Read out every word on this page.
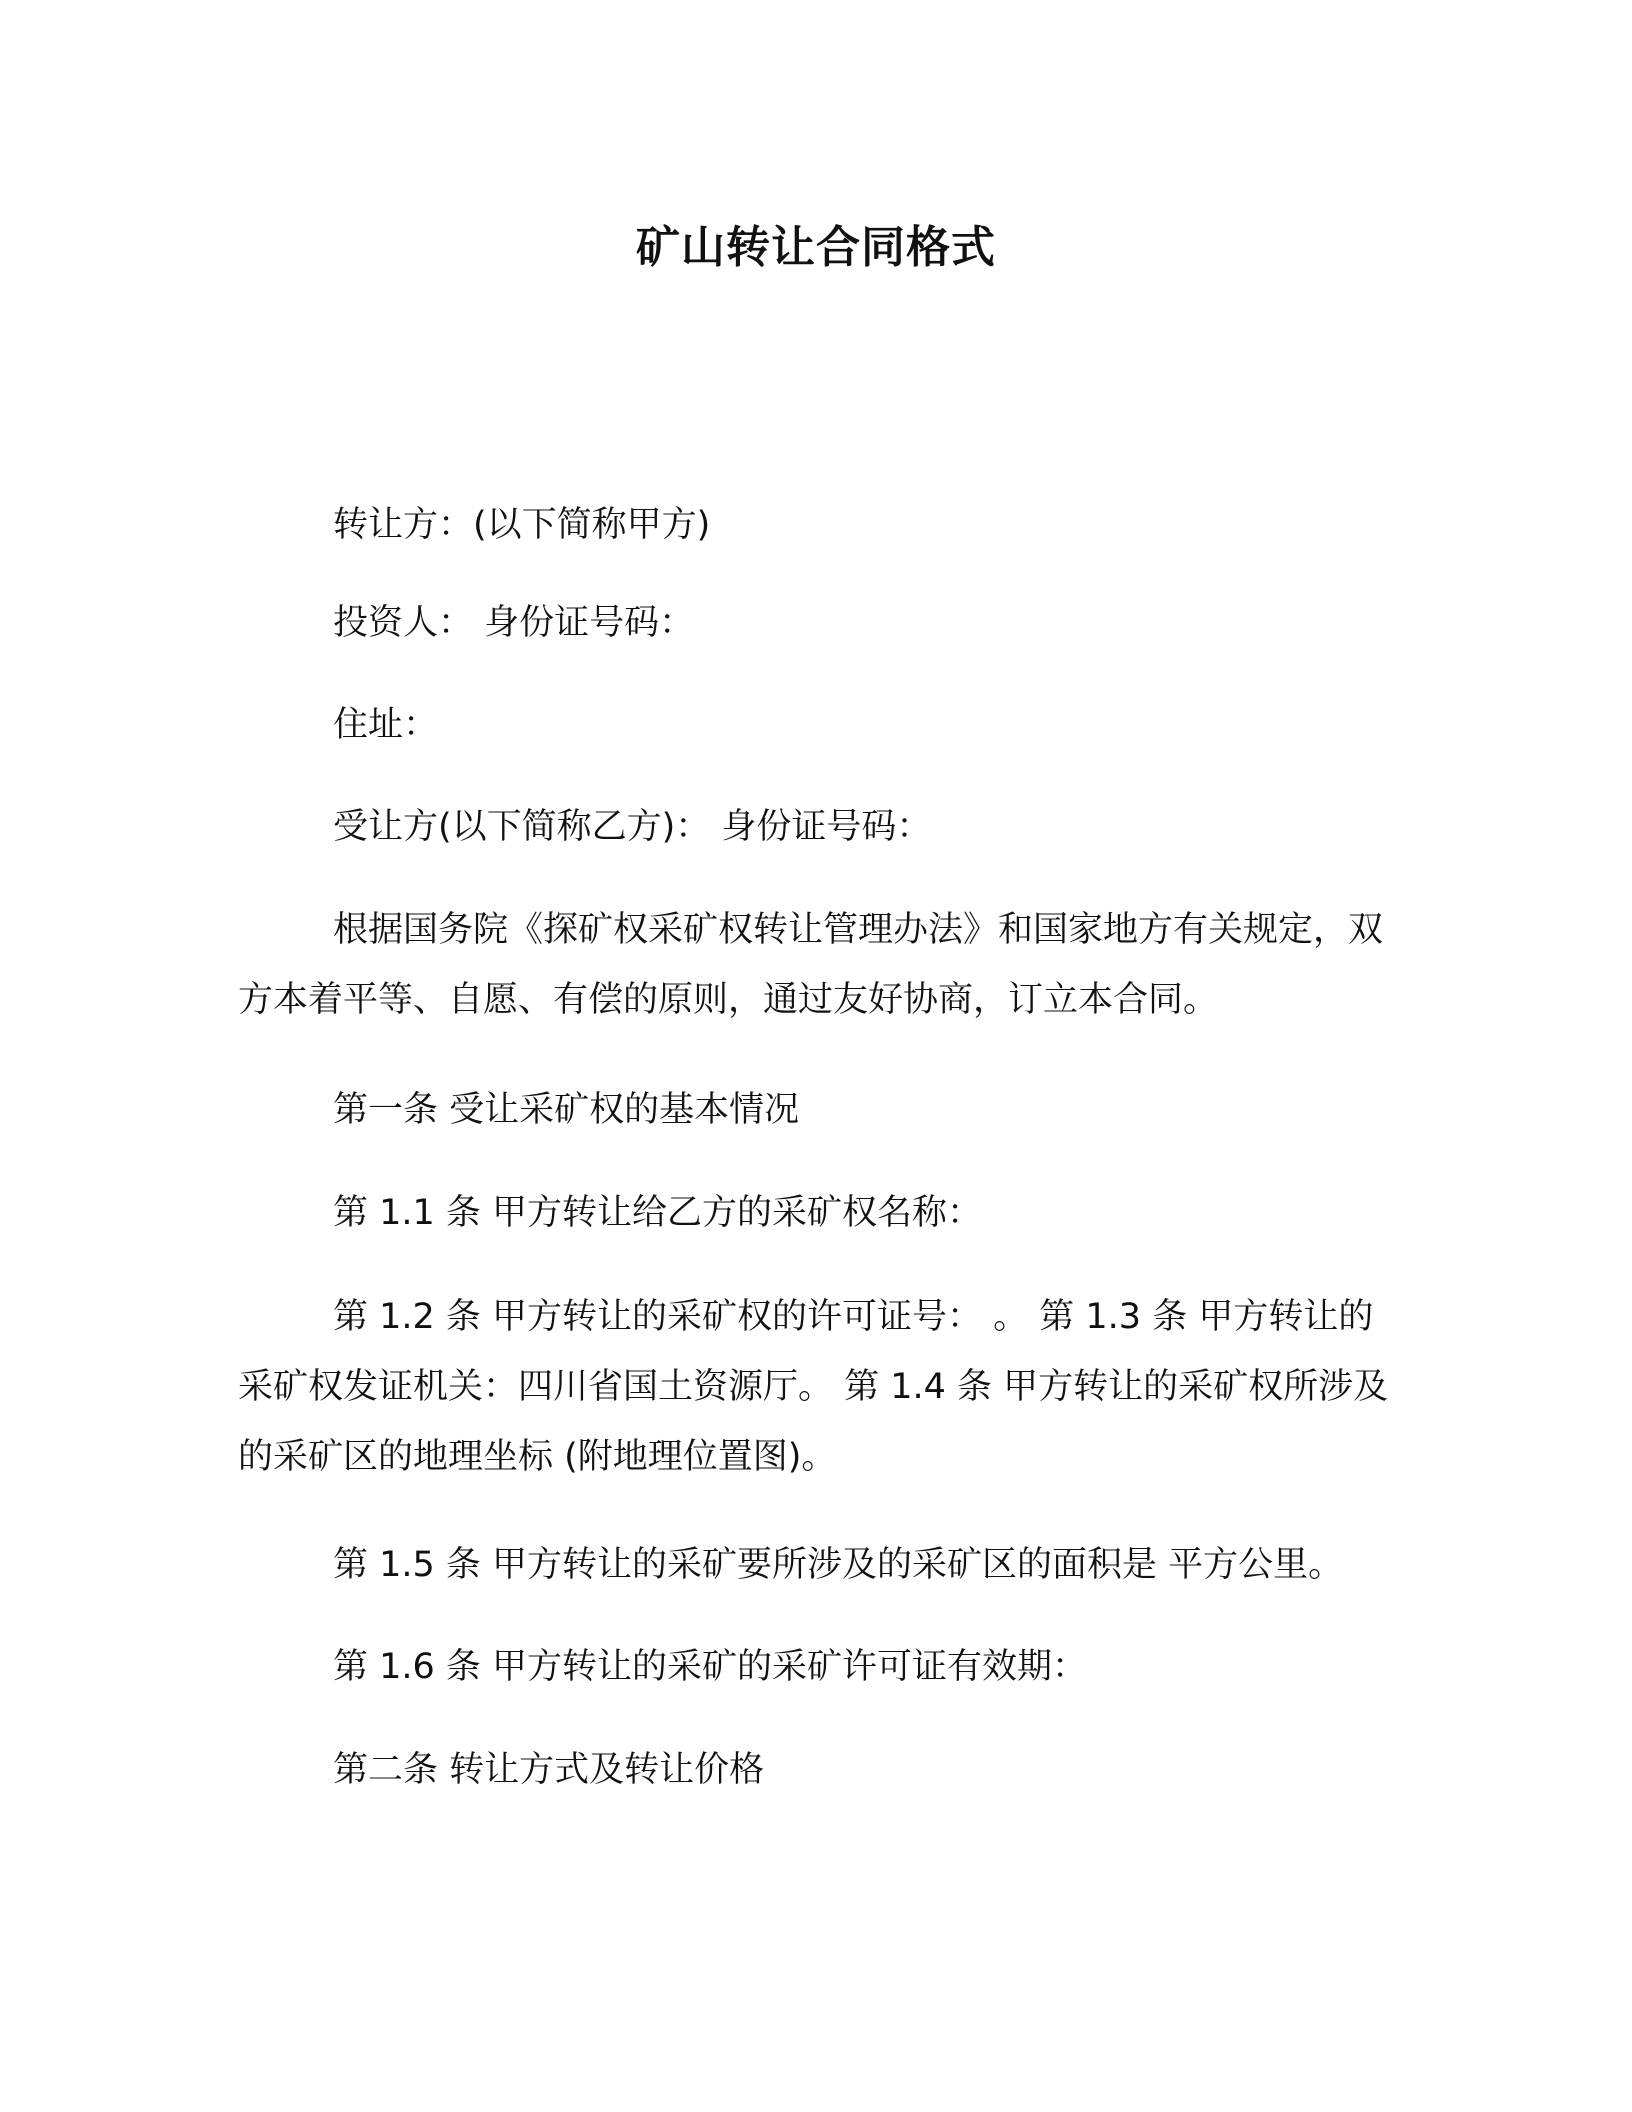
矿山转让合同格式

转让方：(以下简称甲方)

投资人： 身份证号码：

住址：

受让方(以下简称乙方)： 身份证号码：

根据国务院《探矿权采矿权转让管理办法》和国家地方有关规定，双方本着平等、自愿、有偿的原则，通过友好协商，订立本合同。

第一条 受让采矿权的基本情况

第 1.1 条 甲方转让给乙方的采矿权名称：

第 1.2 条 甲方转让的采矿权的许可证号： 。 第 1.3 条 甲方转让的采矿权发证机关：四川省国土资源厅。 第 1.4 条 甲方转让的采矿权所涉及的采矿区的地理坐标 (附地理位置图)。

第 1.5 条 甲方转让的采矿要所涉及的采矿区的面积是 平方公里。

第 1.6 条 甲方转让的采矿的采矿许可证有效期：

第二条 转让方式及转让价格
